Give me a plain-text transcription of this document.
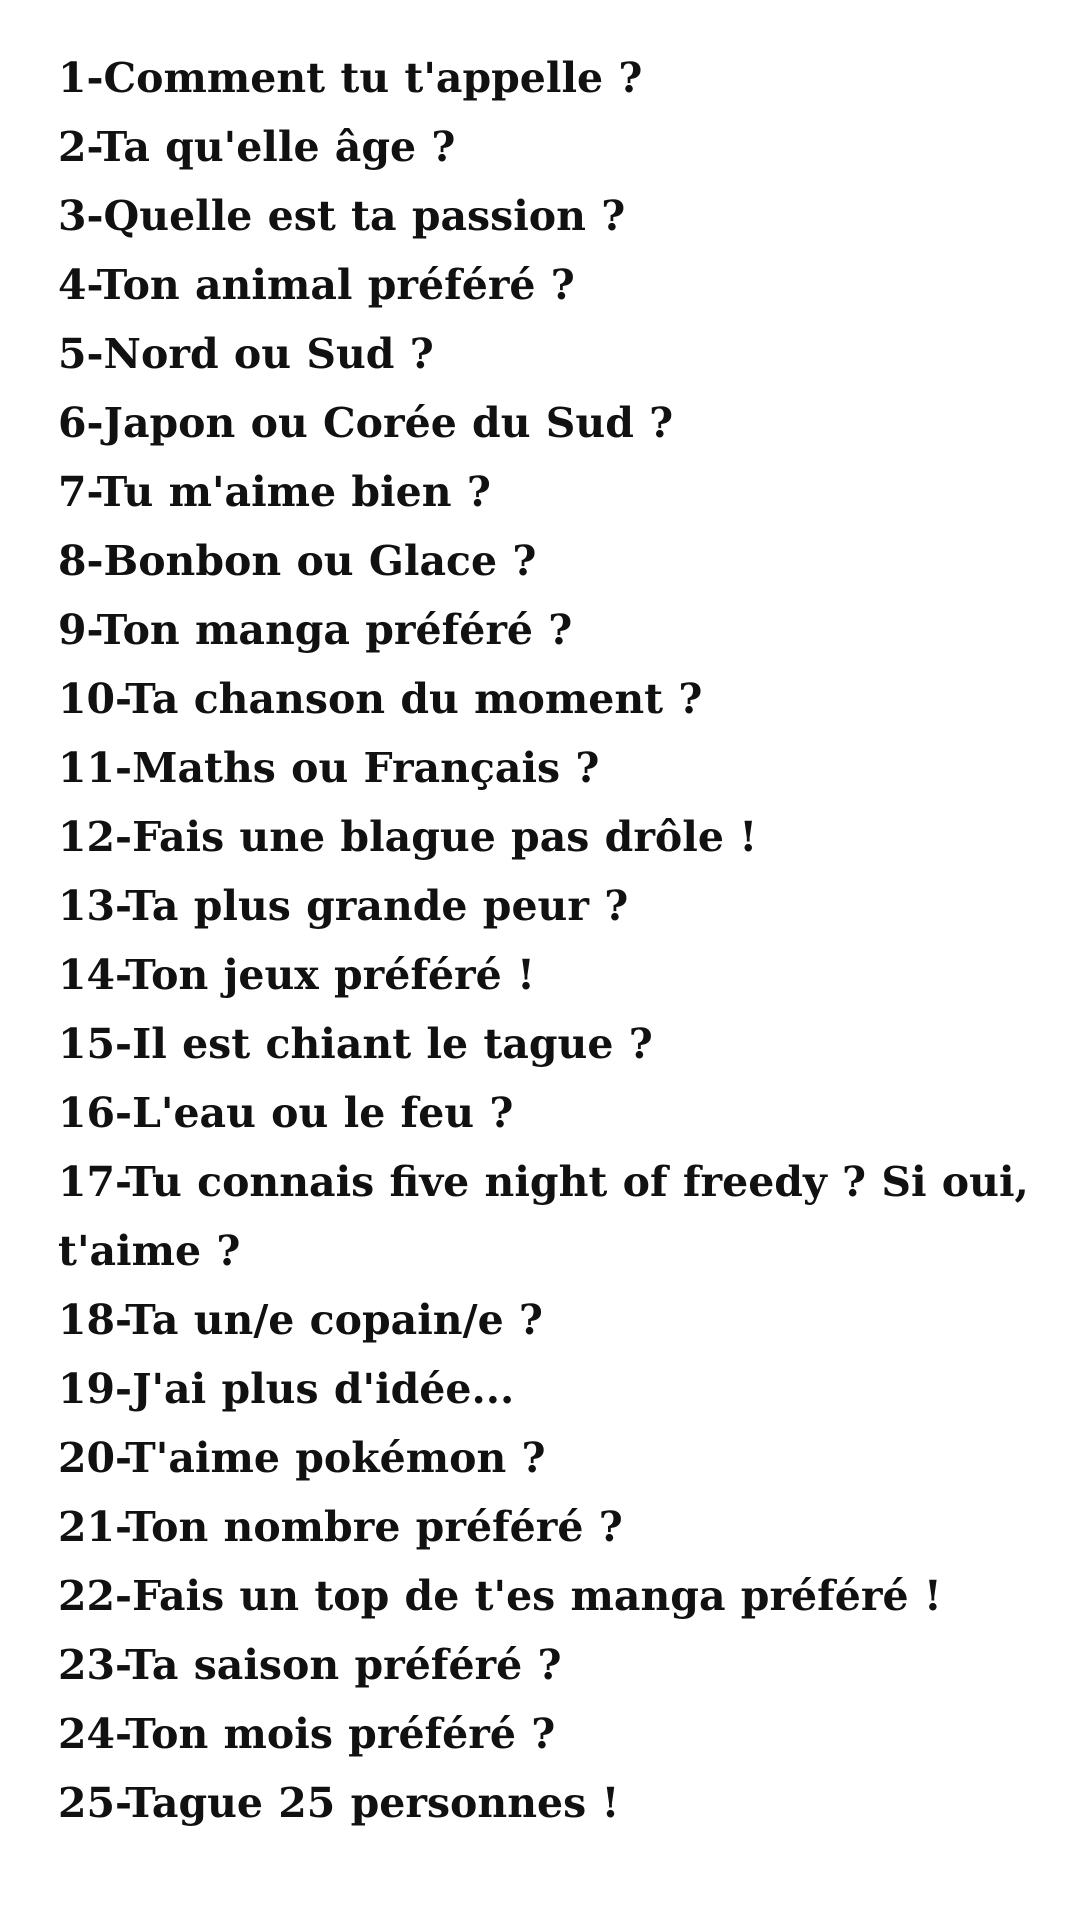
1-Comment tu t'appelle ?
2-Ta qu'elle âge ?
3-Quelle est ta passion ?
4-Ton animal préféré ?
5-Nord ou Sud ?
6-Japon ou Corée du Sud ?
7-Tu m'aime bien ?
8-Bonbon ou Glace ?
9-Ton manga préféré ?
10-Ta chanson du moment ?
11-Maths ou Français ?
12-Fais une blague pas drôle !
13-Ta plus grande peur ?
14-Ton jeux préféré !
15-Il est chiant le tague ?
16-L'eau ou le feu ?
17-Tu connais five night of freedy ? Si oui, t'aime ?
18-Ta un/e copain/e ?
19-J'ai plus d'idée...
20-T'aime pokémon ?
21-Ton nombre préféré ?
22-Fais un top de t'es manga préféré !
23-Ta saison préféré ?
24-Ton mois préféré ?
25-Tague 25 personnes !
